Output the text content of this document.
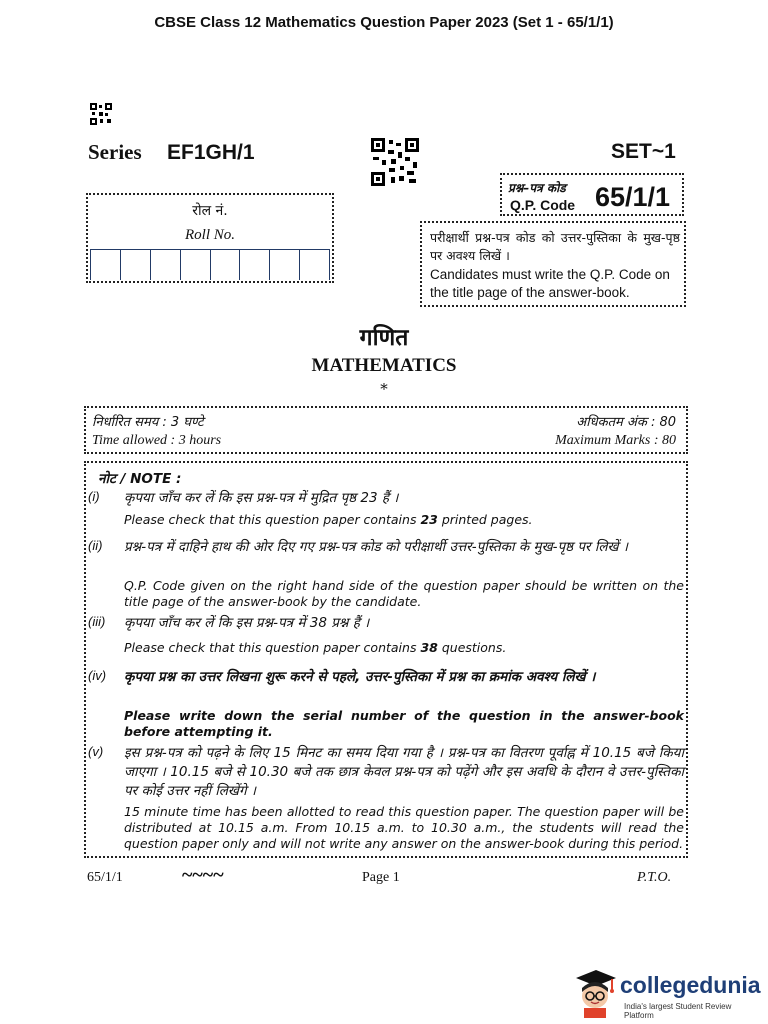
CBSE Class 12 Mathematics Question Paper 2023 (Set 1 - 65/1/1)
Series EF1GH/1	SET~1
रोल नं.
Roll No.
प्रश्न–पत्र कोड
Q.P. Code 65/1/1
परीक्षार्थी प्रश्न-पत्र कोड को उत्तर-पुस्तिका के मुख-पृष्ठ पर अवश्य लिखें ।
Candidates must write the Q.P. Code on the title page of the answer-book.
गणित
MATHEMATICS
*
निर्धारित समय : 3 घण्टे
Time allowed : 3 hours
अधिकतम अंक : 80
Maximum Marks : 80
नोट / NOTE :
(i) कृपया जाँच कर लें कि इस प्रश्न-पत्र में मुद्रित पृष्ठ 23 हैं ।
Please check that this question paper contains 23 printed pages.
(ii) प्रश्न-पत्र में दाहिने हाथ की ओर दिए गए प्रश्न-पत्र कोड को परीक्षार्थी उत्तर-पुस्तिका के मुख-पृष्ठ पर लिखें ।
Q.P. Code given on the right hand side of the question paper should be written on the title page of the answer-book by the candidate.
(iii) कृपया जाँच कर लें कि इस प्रश्न-पत्र में 38 प्रश्न हैं ।
Please check that this question paper contains 38 questions.
(iv) कृपया प्रश्न का उत्तर लिखना शुरू करने से पहले, उत्तर-पुस्तिका में प्रश्न का क्रमांक अवश्य लिखें ।
Please write down the serial number of the question in the answer-book before attempting it.
(v) इस प्रश्न-पत्र को पढ़ने के लिए 15 मिनट का समय दिया गया है । प्रश्न-पत्र का वितरण पूर्वाह्न में 10.15 बजे किया जाएगा । 10.15 बजे से 10.30 बजे तक छात्र केवल प्रश्न-पत्र को पढ़ेंगे और इस अवधि के दौरान वे उत्तर-पुस्तिका पर कोई उत्तर नहीं लिखेंगे ।
15 minute time has been allotted to read this question paper. The question paper will be distributed at 10.15 a.m. From 10.15 a.m. to 10.30 a.m., the students will read the question paper only and will not write any answer on the answer-book during this period.
65/1/1	~~~~	Page 1	P.T.O.
collegedunia
India's largest Student Review Platform
